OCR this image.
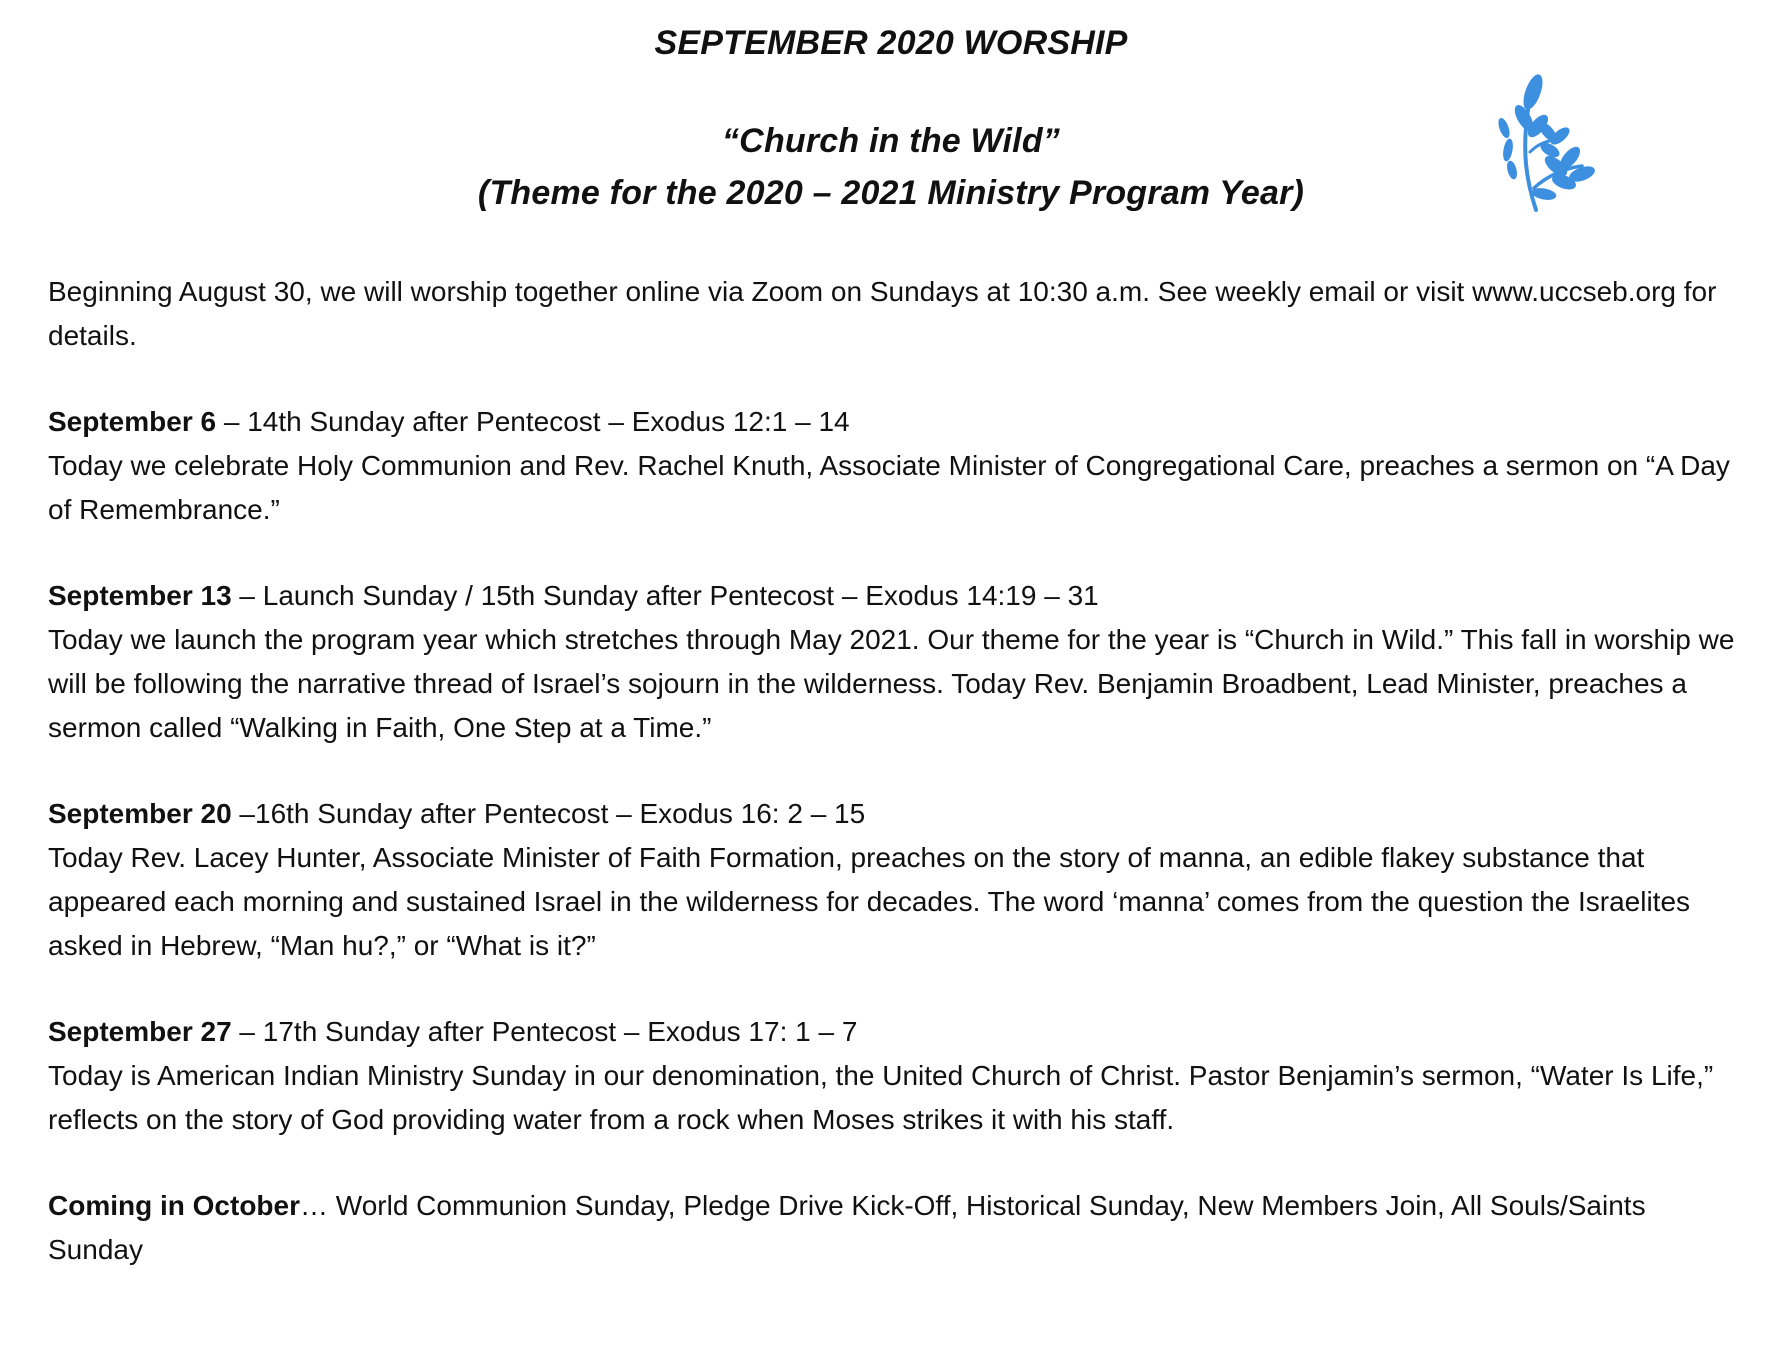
SEPTEMBER 2020 WORSHIP
“Church in the Wild”
(Theme for the 2020 – 2021 Ministry Program Year)

Beginning August 30, we will worship together online via Zoom on Sundays at 10:30 a.m. See weekly email or visit www.uccseb.org for details.

September 6 – 14th Sunday after Pentecost – Exodus 12:1 – 14
Today we celebrate Holy Communion and Rev. Rachel Knuth, Associate Minister of Congregational Care, preaches a sermon on “A Day of Remembrance.”

September 13 – Launch Sunday / 15th Sunday after Pentecost – Exodus 14:19 – 31
Today we launch the program year which stretches through May 2021. Our theme for the year is “Church in Wild.” This fall in worship we will be following the narrative thread of Israel’s sojourn in the wilderness. Today Rev. Benjamin Broadbent, Lead Minister, preaches a sermon called “Walking in Faith, One Step at a Time.”

September 20 –16th Sunday after Pentecost – Exodus 16: 2 – 15
Today Rev. Lacey Hunter, Associate Minister of Faith Formation, preaches on the story of manna, an edible flakey substance that appeared each morning and sustained Israel in the wilderness for decades. The word ‘manna’ comes from the question the Israelites asked in Hebrew, “Man hu?,” or “What is it?”

September 27 – 17th Sunday after Pentecost – Exodus 17: 1 – 7
Today is American Indian Ministry Sunday in our denomination, the United Church of Christ. Pastor Benjamin’s sermon, “Water Is Life,” reflects on the story of God providing water from a rock when Moses strikes it with his staff.

Coming in October… World Communion Sunday, Pledge Drive Kick-Off, Historical Sunday, New Members Join, All Souls/Saints Sunday
